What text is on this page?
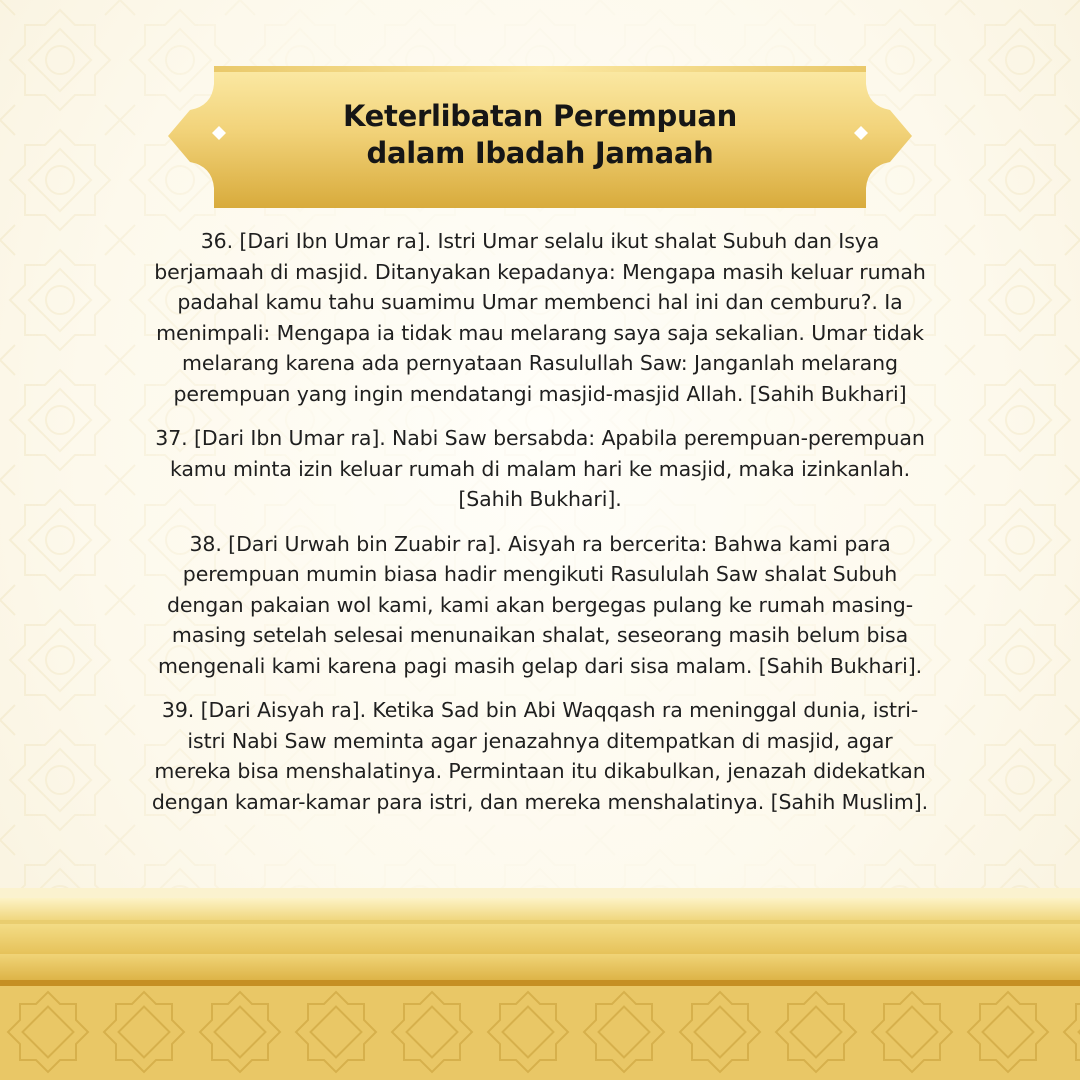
Keterlibatan Perempuan
dalam Ibadah Jamaah

36. [Dari Ibn Umar ra]. Istri Umar selalu ikut shalat Subuh dan Isya berjamaah di masjid. Ditanyakan kepadanya: Mengapa masih keluar rumah padahal kamu tahu suamimu Umar membenci hal ini dan cemburu?. Ia menimpali: Mengapa ia tidak mau melarang saya saja sekalian. Umar tidak melarang karena ada pernyataan Rasulullah Saw: Janganlah melarang perempuan yang ingin mendatangi masjid-masjid Allah. [Sahih Bukhari]

37. [Dari Ibn Umar ra]. Nabi Saw bersabda: Apabila perempuan-perempuan kamu minta izin keluar rumah di malam hari ke masjid, maka izinkanlah. [Sahih Bukhari].

38. [Dari Urwah bin Zuabir ra]. Aisyah ra bercerita: Bahwa kami para perempuan mumin biasa hadir mengikuti Rasululah Saw shalat Subuh dengan pakaian wol kami, kami akan bergegas pulang ke rumah masing-masing setelah selesai menunaikan shalat, seseorang masih belum bisa mengenali kami karena pagi masih gelap dari sisa malam. [Sahih Bukhari].

39. [Dari Aisyah ra]. Ketika Sad bin Abi Waqqash ra meninggal dunia, istri-istri Nabi Saw meminta agar jenazahnya ditempatkan di masjid, agar mereka bisa menshalatinya. Permintaan itu dikabulkan, jenazah didekatkan dengan kamar-kamar para istri, dan mereka menshalatinya. [Sahih Muslim].
